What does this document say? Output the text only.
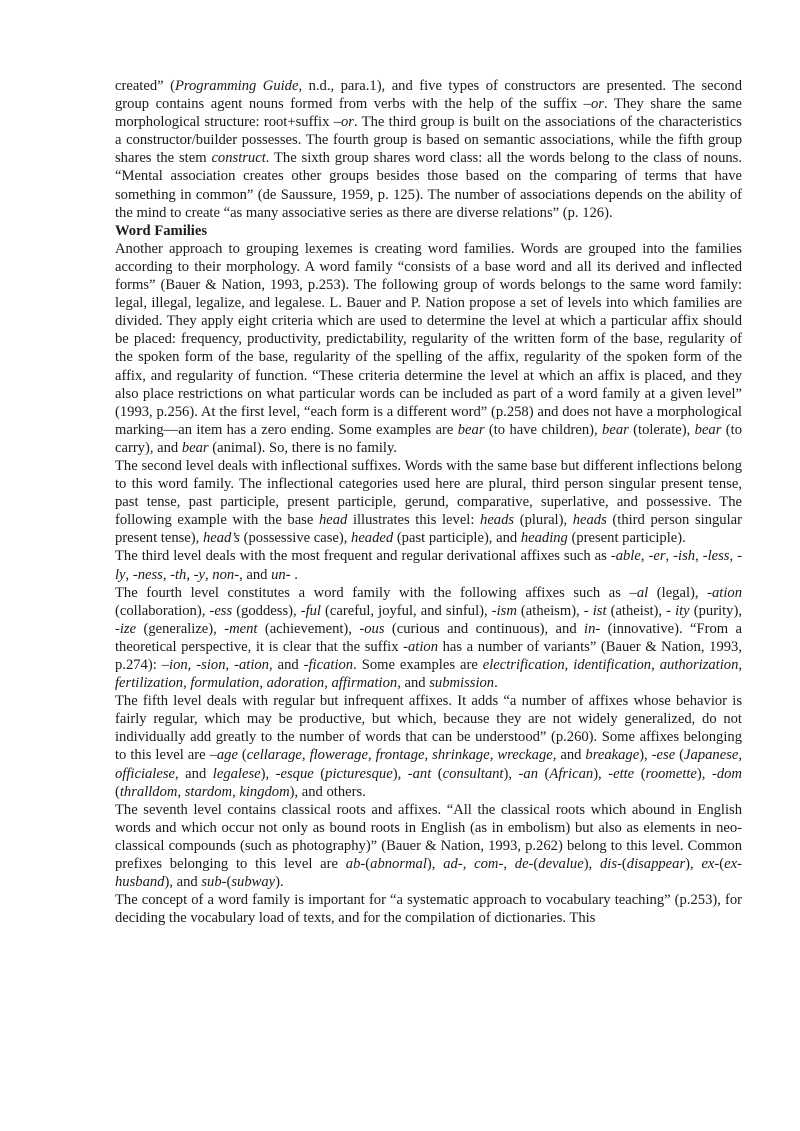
created” (Programming Guide, n.d., para.1), and five types of constructors are presented. The second group contains agent nouns formed from verbs with the help of the suffix –or. They share the same morphological structure: root+suffix –or. The third group is built on the associations of the characteristics a constructor/builder possesses. The fourth group is based on semantic associations, while the fifth group shares the stem construct. The sixth group shares word class: all the words belong to the class of nouns. “Mental association creates other groups besides those based on the comparing of terms that have something in common” (de Saussure, 1959, p. 125). The number of associations depends on the ability of the mind to create “as many associative series as there are diverse relations” (p. 126).

Word Families

Another approach to grouping lexemes is creating word families. Words are grouped into the families according to their morphology. A word family “consists of a base word and all its derived and inflected forms” (Bauer & Nation, 1993, p.253). The following group of words belongs to the same word family: legal, illegal, legalize, and legalese. L. Bauer and P. Nation propose a set of levels into which families are divided. They apply eight criteria which are used to determine the level at which a particular affix should be placed: frequency, productivity, predictability, regularity of the written form of the base, regularity of the spoken form of the base, regularity of the spelling of the affix, regularity of the spoken form of the affix, and regularity of function. “These criteria determine the level at which an affix is placed, and they also place restrictions on what particular words can be included as part of a word family at a given level” (1993, p.256). At the first level, “each form is a different word” (p.258) and does not have a morphological marking—an item has a zero ending. Some examples are bear (to have children), bear (tolerate), bear (to carry), and bear (animal). So, there is no family.

The second level deals with inflectional suffixes. Words with the same base but different inflections belong to this word family. The inflectional categories used here are plural, third person singular present tense, past tense, past participle, present participle, gerund, comparative, superlative, and possessive. The following example with the base head illustrates this level: heads (plural), heads (third person singular present tense), head’s (possessive case), headed (past participle), and heading (present participle).

The third level deals with the most frequent and regular derivational affixes such as -able, -er, -ish, -less, -ly, -ness, -th, -y, non-, and un- .

The fourth level constitutes a word family with the following affixes such as –al (legal), -ation (collaboration), -ess (goddess), -ful (careful, joyful, and sinful), -ism (atheism), - ist (atheist), - ity (purity), -ize (generalize), -ment (achievement), -ous (curious and continuous), and in- (innovative). “From a theoretical perspective, it is clear that the suffix -ation has a number of variants” (Bauer & Nation, 1993, p.274): –ion, -sion, -ation, and -fication. Some examples are electrification, identification, authorization, fertilization, formulation, adoration, affirmation, and submission.

The fifth level deals with regular but infrequent affixes. It adds “a number of affixes whose behavior is fairly regular, which may be productive, but which, because they are not widely generalized, do not individually add greatly to the number of words that can be understood” (p.260). Some affixes belonging to this level are –age (cellarage, flowerage, frontage, shrinkage, wreckage, and breakage), -ese (Japanese, officialese, and legalese), -esque (picturesque), -ant (consultant), -an (African), -ette (roomette), -dom (thralldom, stardom, kingdom), and others.

The seventh level contains classical roots and affixes. “All the classical roots which abound in English words and which occur not only as bound roots in English (as in embolism) but also as elements in neo-classical compounds (such as photography)” (Bauer & Nation, 1993, p.262) belong to this level. Common prefixes belonging to this level are ab-(abnormal), ad-, com-, de-(devalue), dis-(disappear), ex-(ex-husband), and sub-(subway).

The concept of a word family is important for “a systematic approach to vocabulary teaching” (p.253), for deciding the vocabulary load of texts, and for the compilation of dictionaries. This
